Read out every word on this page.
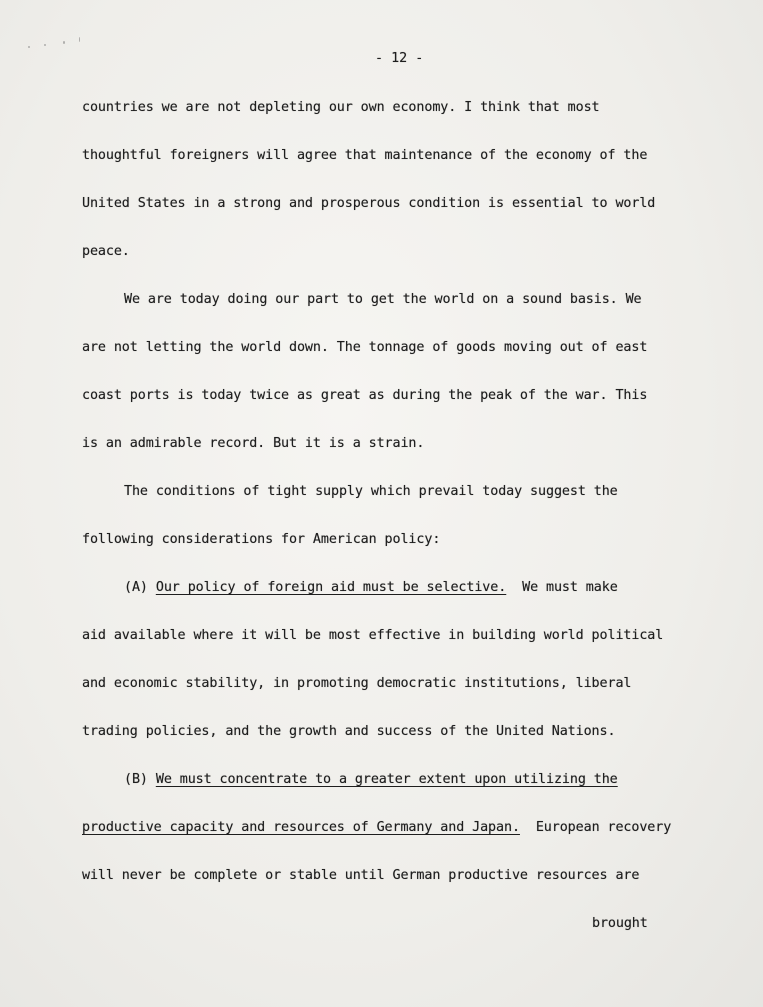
- 12 -
countries we are not depleting our own economy. I think that most
thoughtful foreigners will agree that maintenance of the economy of the
United States in a strong and prosperous condition is essential to world
peace.
We are today doing our part to get the world on a sound basis. We
are not letting the world down. The tonnage of goods moving out of east
coast ports is today twice as great as during the peak of the war. This
is an admirable record. But it is a strain.
The conditions of tight supply which prevail today suggest the
following considerations for American policy:
(A) Our policy of foreign aid must be selective.  We must make
aid available where it will be most effective in building world political
and economic stability, in promoting democratic institutions, liberal
trading policies, and the growth and success of the United Nations.
(B) We must concentrate to a greater extent upon utilizing the
productive capacity and resources of Germany and Japan.  European recovery
will never be complete or stable until German productive resources are
brought
